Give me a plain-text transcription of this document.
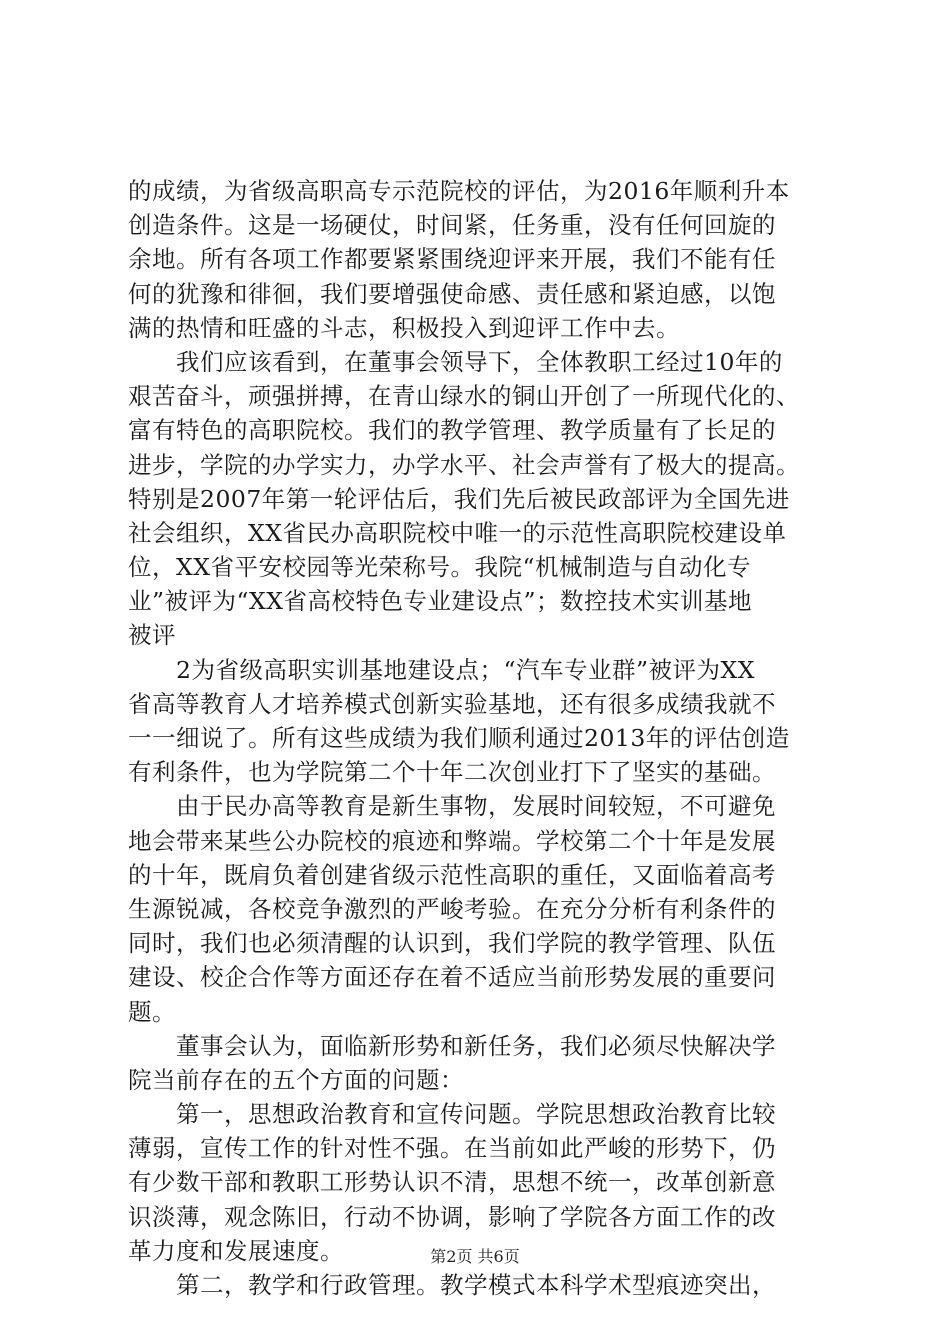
的成绩，为省级高职高专示范院校的评估，为2016年顺利升本
创造条件。这是一场硬仗，时间紧，任务重，没有任何回旋的
余地。所有各项工作都要紧紧围绕迎评来开展，我们不能有任
何的犹豫和徘徊，我们要增强使命感、责任感和紧迫感，以饱
满的热情和旺盛的斗志，积极投入到迎评工作中去。
我们应该看到，在董事会领导下，全体教职工经过10年的
艰苦奋斗，顽强拼搏，在青山绿水的铜山开创了一所现代化的、
富有特色的高职院校。我们的教学管理、教学质量有了长足的
进步，学院的办学实力，办学水平、社会声誉有了极大的提高。
特别是2007年第一轮评估后，我们先后被民政部评为全国先进
社会组织，XX省民办高职院校中唯一的示范性高职院校建设单
位，XX省平安校园等光荣称号。我院“机械制造与自动化专
业”被评为“XX省高校特色专业建设点”；数控技术实训基地
被评
2为省级高职实训基地建设点；“汽车专业群”被评为XX
省高等教育人才培养模式创新实验基地，还有很多成绩我就不
一一细说了。所有这些成绩为我们顺利通过2013年的评估创造
有利条件，也为学院第二个十年二次创业打下了坚实的基础。
由于民办高等教育是新生事物，发展时间较短，不可避免
地会带来某些公办院校的痕迹和弊端。学校第二个十年是发展
的十年，既肩负着创建省级示范性高职的重任，又面临着高考
生源锐减，各校竞争激烈的严峻考验。在充分分析有利条件的
同时，我们也必须清醒的认识到，我们学院的教学管理、队伍
建设、校企合作等方面还存在着不适应当前形势发展的重要问
题。
董事会认为，面临新形势和新任务，我们必须尽快解决学
院当前存在的五个方面的问题：
第一，思想政治教育和宣传问题。学院思想政治教育比较
薄弱，宣传工作的针对性不强。在当前如此严峻的形势下，仍
有少数干部和教职工形势认识不清，思想不统一，改革创新意
识淡薄，观念陈旧，行动不协调，影响了学院各方面工作的改
革力度和发展速度。
第二，教学和行政管理。教学模式本科学术型痕迹突出，
第2页 共6页
